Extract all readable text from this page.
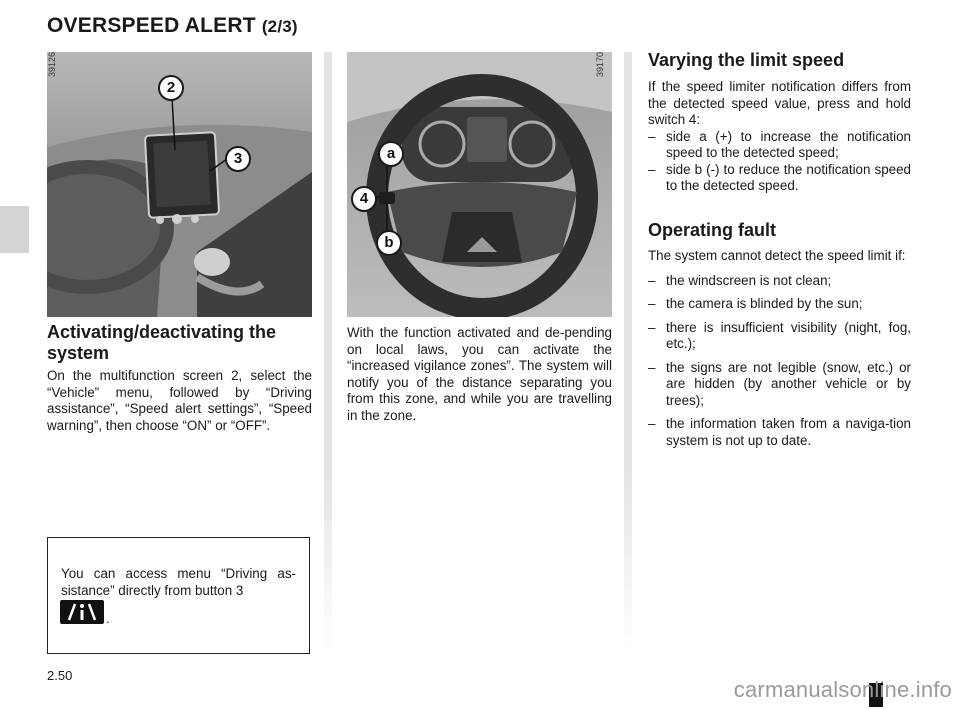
OVERSPEED ALERT (2/3)
39126
2
3
Activating/deactivating the system

On the multifunction screen 2, select the “Vehicle” menu, followed by “Driving assistance”, “Speed alert settings”, “Speed warning”, then choose “ON” or “OFF”.

You can access menu “Driving as-sistance” directly from button 3
.
39170
a
4
b

With the function activated and de-pending on local laws, you can activate the “increased vigilance zones”. The system will notify you of the distance separating you from this zone, and while you are travelling in the zone.

Varying the limit speed

If the speed limiter notification differs from the detected speed value, press and hold switch 4:

– side a (+) to increase the notification speed to the detected speed;
– side b (-) to reduce the notification speed to the detected speed.
Operating fault

The system cannot detect the speed limit if:

– the windscreen is not clean;
– the camera is blinded by the sun;
– there is insufficient visibility (night, fog, etc.);
– the signs are not legible (snow, etc.) or are hidden (by another vehicle or by trees);
– the information taken from a naviga-tion system is not up to date.
2.50
carmanualsonline.info
